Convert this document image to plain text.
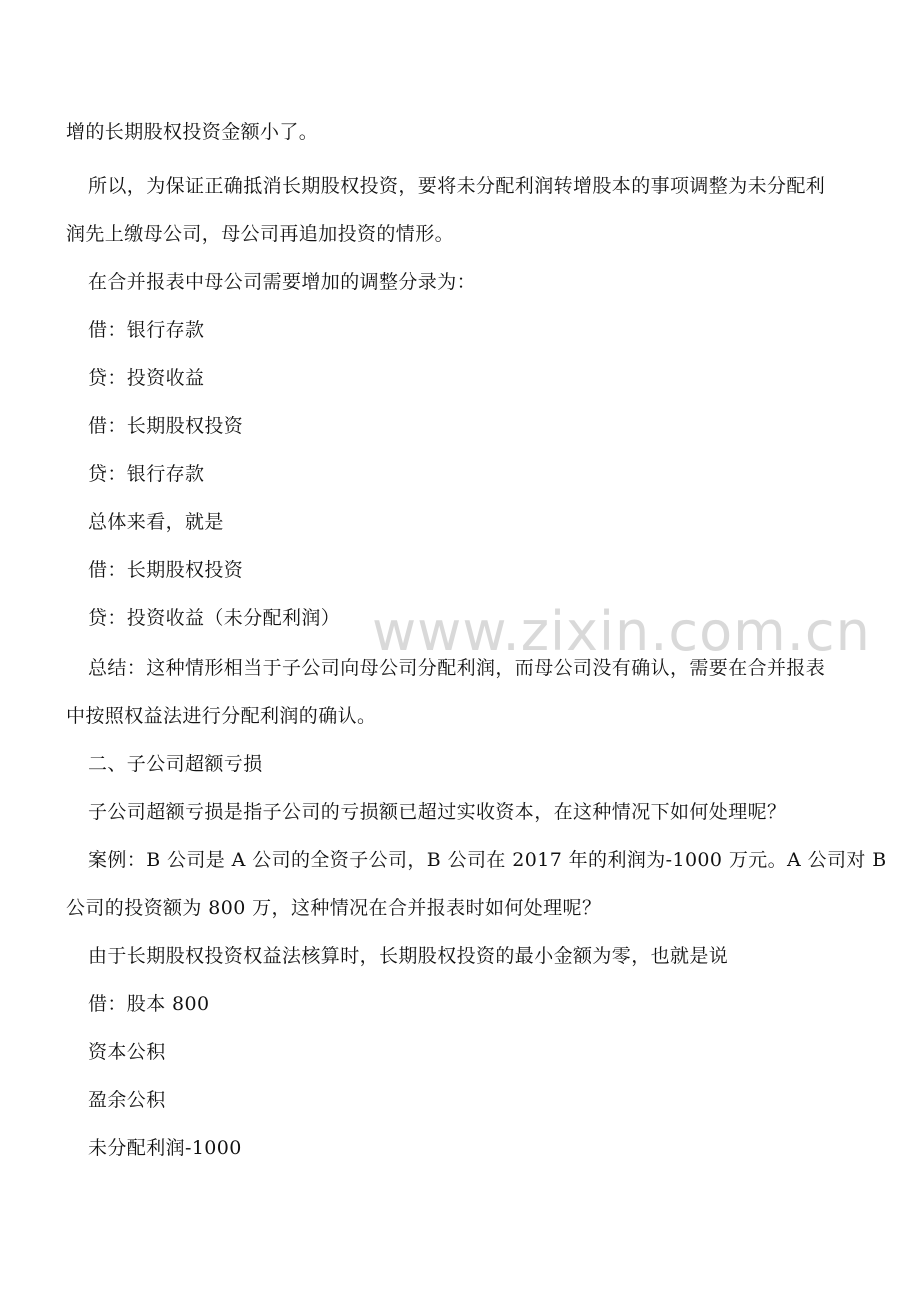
增的长期股权投资金额小了。
所以，为保证正确抵消长期股权投资，要将未分配利润转增股本的事项调整为未分配利
润先上缴母公司，母公司再追加投资的情形。
在合并报表中母公司需要增加的调整分录为：
借：银行存款
贷：投资收益
借：长期股权投资
贷：银行存款
总体来看，就是
借：长期股权投资
贷：投资收益（未分配利润）
总结：这种情形相当于子公司向母公司分配利润，而母公司没有确认，需要在合并报表
中按照权益法进行分配利润的确认。
二、子公司超额亏损
子公司超额亏损是指子公司的亏损额已超过实收资本，在这种情况下如何处理呢？
案例：B 公司是 A 公司的全资子公司，B 公司在 2017 年的利润为-1000 万元。A 公司对 B
公司的投资额为 800 万，这种情况在合并报表时如何处理呢？
由于长期股权投资权益法核算时，长期股权投资的最小金额为零，也就是说
借：股本 800
资本公积
盈余公积
未分配利润-1000
www.zixin.com.cn
